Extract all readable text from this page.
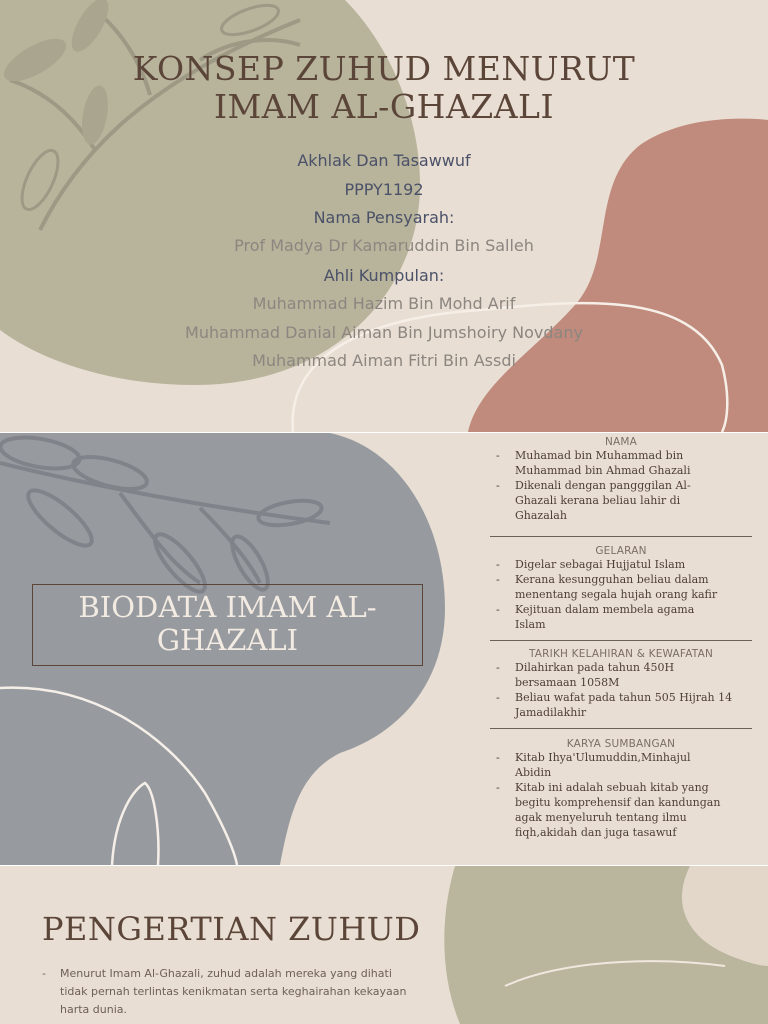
KONSEP ZUHUD MENURUT
IMAM AL-GHAZALI
Akhlak Dan Tasawwuf
PPPY1192
Nama Pensyarah:
Prof Madya Dr Kamaruddin Bin Salleh
Ahli Kumpulan:
Muhammad Hazim Bin Mohd Arif
Muhammad Danial Aiman Bin Jumshoiry Novdany
Muhammad Aiman Fitri Bin Assdi
BIODATA IMAM AL-
GHAZALI
NAMA
- Muhamad bin Muhammad bin
Muhammad bin Ahmad Ghazali
- Dikenali dengan pangggilan Al-
Ghazali kerana beliau lahir di
Ghazalah
GELARAN
- Digelar sebagai Hujjatul Islam
- Kerana kesungguhan beliau dalam
menentang segala hujah orang kafir
- Kejituan dalam membela agama
Islam
TARIKH KELAHIRAN & KEWAFATAN
- Dilahirkan pada tahun 450H
bersamaan 1058M
- Beliau wafat pada tahun 505 Hijrah 14
Jamadilakhir
KARYA SUMBANGAN
- Kitab Ihya'Ulumuddin,Minhajul
Abidin
- Kitab ini adalah sebuah kitab yang
begitu komprehensif dan kandungan
agak menyeluruh tentang ilmu
fiqh,akidah dan juga tasawuf
PENGERTIAN ZUHUD
- Menurut Imam Al-Ghazali, zuhud adalah mereka yang dihati
tidak pernah terlintas kenikmatan serta keghairahan kekayaan
harta dunia.
